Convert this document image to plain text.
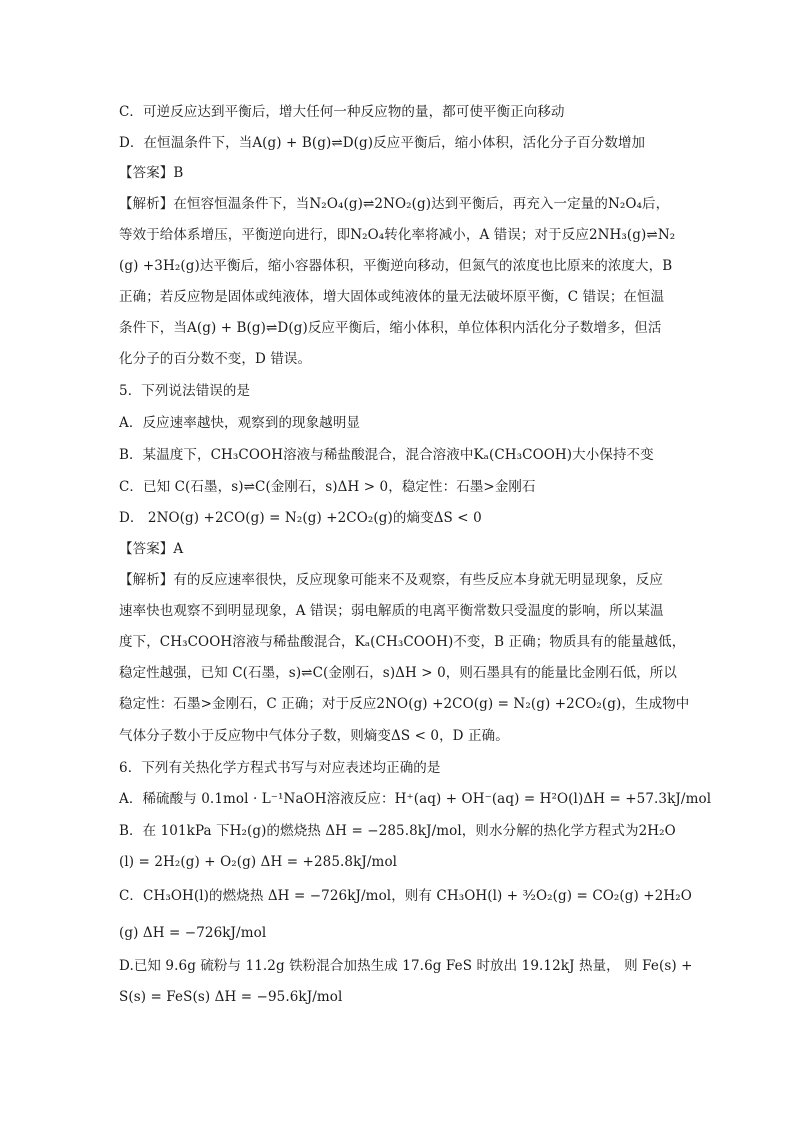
C．可逆反应达到平衡后，增大任何一种反应物的量，都可使平衡正向移动
D．在恒温条件下，当A(g) + B(g)⇌D(g)反应平衡后，缩小体积，活化分子百分数增加
【答案】B
【解析】在恒容恒温条件下，当N₂O₄(g)⇌2NO₂(g)达到平衡后，再充入一定量的N₂O₄后，
等效于给体系增压，平衡逆向进行，即N₂O₄转化率将减小，A 错误；对于反应2NH₃(g)⇌N₂
(g) +3H₂(g)达平衡后，缩小容器体积，平衡逆向移动，但氮气的浓度也比原来的浓度大，B
正确；若反应物是固体或纯液体，增大固体或纯液体的量无法破坏原平衡，C 错误；在恒温
条件下，当A(g) + B(g)⇌D(g)反应平衡后，缩小体积，单位体积内活化分子数增多，但活
化分子的百分数不变，D 错误。
5．下列说法错误的是
A．反应速率越快，观察到的现象越明显
B．某温度下，CH₃COOH溶液与稀盐酸混合，混合溶液中Kₐ(CH₃COOH)大小保持不变
C．已知 C(石墨，s)⇌C(金刚石，s)ΔH > 0，稳定性：石墨>金刚石
D． 2NO(g) +2CO(g) = N₂(g) +2CO₂(g)的熵变ΔS < 0
【答案】A
【解析】有的反应速率很快，反应现象可能来不及观察，有些反应本身就无明显现象，反应
速率快也观察不到明显现象，A 错误；弱电解质的电离平衡常数只受温度的影响，所以某温
度下，CH₃COOH溶液与稀盐酸混合，Kₐ(CH₃COOH)不变，B 正确；物质具有的能量越低，
稳定性越强，已知 C(石墨，s)⇌C(金刚石，s)ΔH > 0，则石墨具有的能量比金刚石低，所以
稳定性：石墨>金刚石，C 正确；对于反应2NO(g) +2CO(g) = N₂(g) +2CO₂(g)，生成物中
气体分子数小于反应物中气体分子数，则熵变ΔS < 0，D 正确。
6．下列有关热化学方程式书写与对应表述均正确的是
A．稀硫酸与 0.1mol · L⁻¹NaOH溶液反应：H⁺(aq) + OH⁻(aq) = H²O(l)ΔH = +57.3kJ/mol
B．在 101kPa 下H₂(g)的燃烧热 ΔH = −285.8kJ/mol，则水分解的热化学方程式为2H₂O
(l) = 2H₂(g) + O₂(g) ΔH = +285.8kJ/mol
C．CH₃OH(l)的燃烧热 ΔH = −726kJ/mol，则有 CH₃OH(l) + ³⁄₂O₂(g) = CO₂(g) +2H₂O
(g) ΔH = −726kJ/mol
D.已知 9.6g 硫粉与 11.2g 铁粉混合加热生成 17.6g FeS 时放出 19.12kJ 热量， 则 Fe(s) +
S(s) = FeS(s) ΔH = −95.6kJ/mol
